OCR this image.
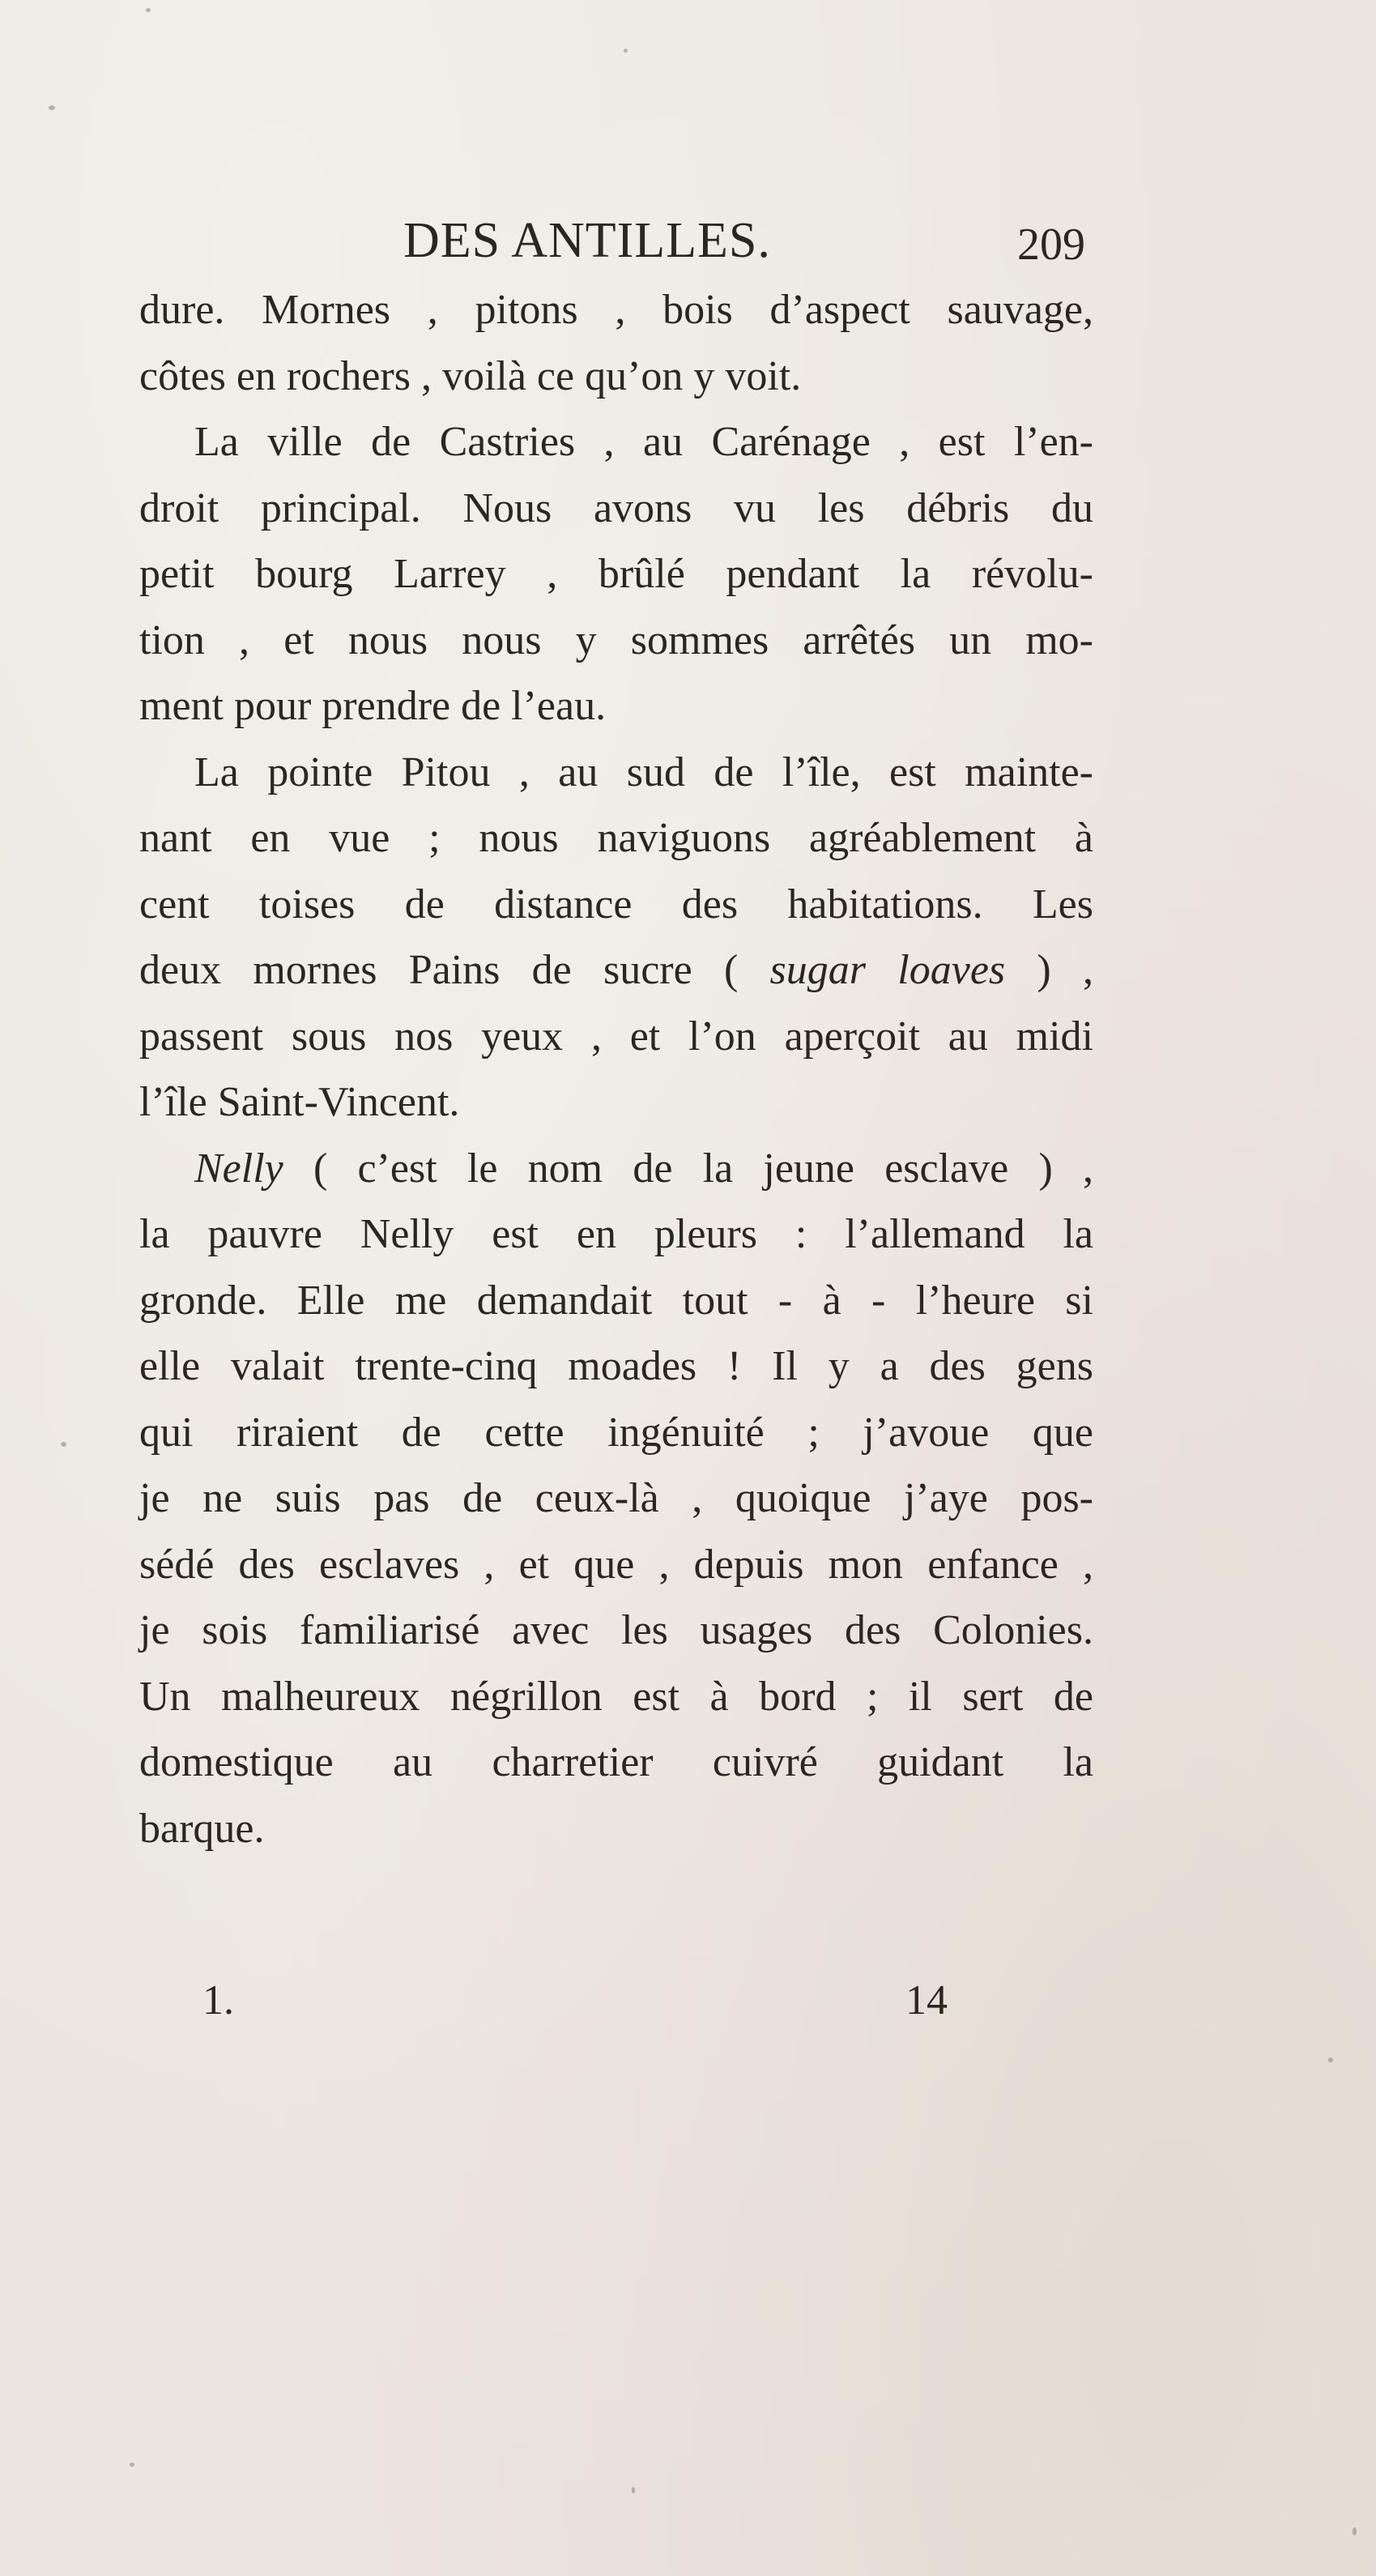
DES ANTILLES.	209
dure. Mornes , pitons , bois d’aspect sauvage,
côtes en rochers , voilà ce qu’on y voit.
La ville de Castries , au Carénage , est l’en-
droit principal. Nous avons vu les débris du
petit bourg Larrey , brûlé pendant la révolu-
tion , et nous nous y sommes arrêtés un mo-
ment pour prendre de l’eau.
La pointe Pitou , au sud de l’île, est mainte-
nant en vue ; nous naviguons agréablement à
cent toises de distance des habitations. Les
deux mornes Pains de sucre ( sugar loaves ) ,
passent sous nos yeux , et l’on aperçoit au midi
l’île Saint-Vincent.
Nelly ( c’est le nom de la jeune esclave ) ,
la pauvre Nelly est en pleurs : l’allemand la
gronde. Elle me demandait tout - à - l’heure si
elle valait trente-cinq moades ! Il y a des gens
qui riraient de cette ingénuité ; j’avoue que
je ne suis pas de ceux-là , quoique j’aye pos-
sédé des esclaves , et que , depuis mon enfance ,
je sois familiarisé avec les usages des Colonies.
Un malheureux négrillon est à bord ; il sert de
domestique au charretier cuivré guidant la
barque.
1.	14
